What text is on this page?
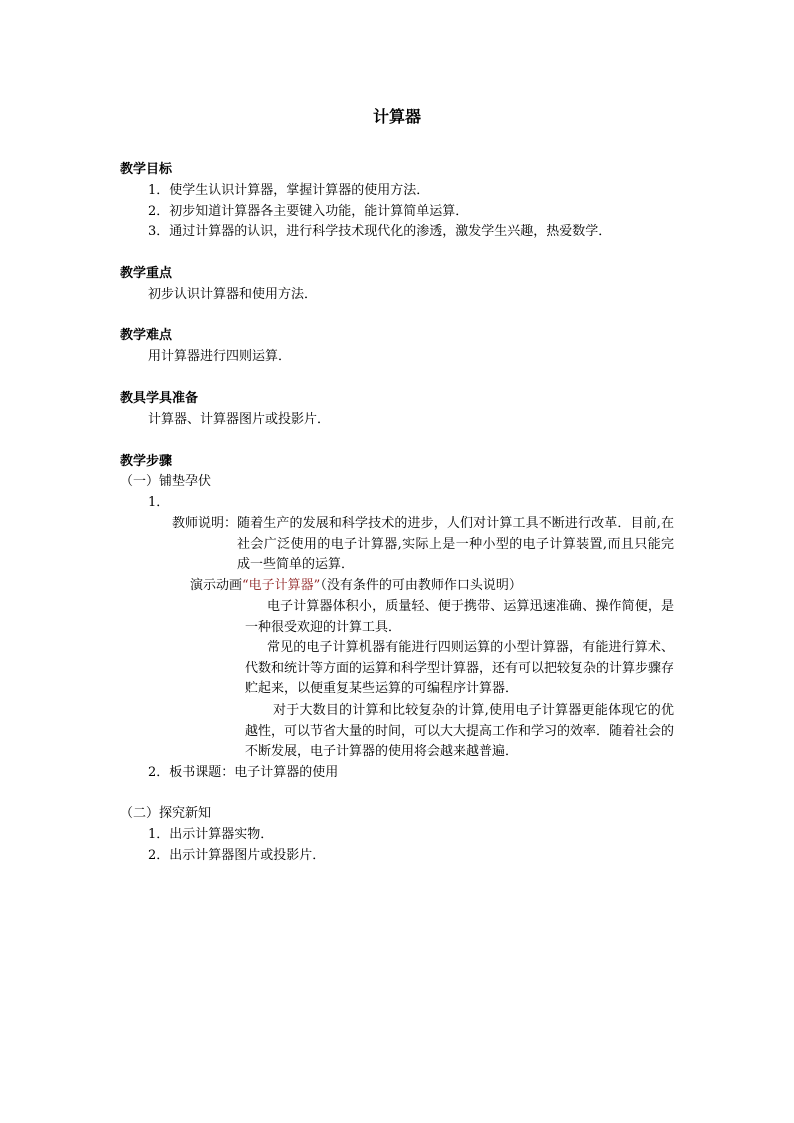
计算器
教学目标
1．使学生认识计算器，掌握计算器的使用方法．
2．初步知道计算器各主要键入功能，能计算简单运算．
3．通过计算器的认识，进行科学技术现代化的渗透，激发学生兴趣，热爱数学．
教学重点
初步认识计算器和使用方法．
教学难点
用计算器进行四则运算．
教具学具准备
计算器、计算器图片或投影片．
教学步骤
（一）铺垫孕伏
1．
教师说明： 随着生产的发展和科学技术的进步，人们对计算工具不断进行改革．目前,在社会广泛使用的电子计算器,实际上是一种小型的电子计算装置,而且只能完成一些简单的运算．
演示动画“电子计算器”（没有条件的可由教师作口头说明）
电子计算器体积小，质量轻、便于携带、运算迅速准确、操作简便，是一种很受欢迎的计算工具．
常见的电子计算机器有能进行四则运算的小型计算器，有能进行算术、代数和统计等方面的运算和科学型计算器，还有可以把较复杂的计算步骤存贮起来，以便重复某些运算的可编程序计算器．
对于大数目的计算和比较复杂的计算,使用电子计算器更能体现它的优越性，可以节省大量的时间，可以大大提高工作和学习的效率．随着社会的不断发展，电子计算器的使用将会越来越普遍．
2．板书课题：电子计算器的使用
（二）探究新知
1．出示计算器实物．
2．出示计算器图片或投影片．
